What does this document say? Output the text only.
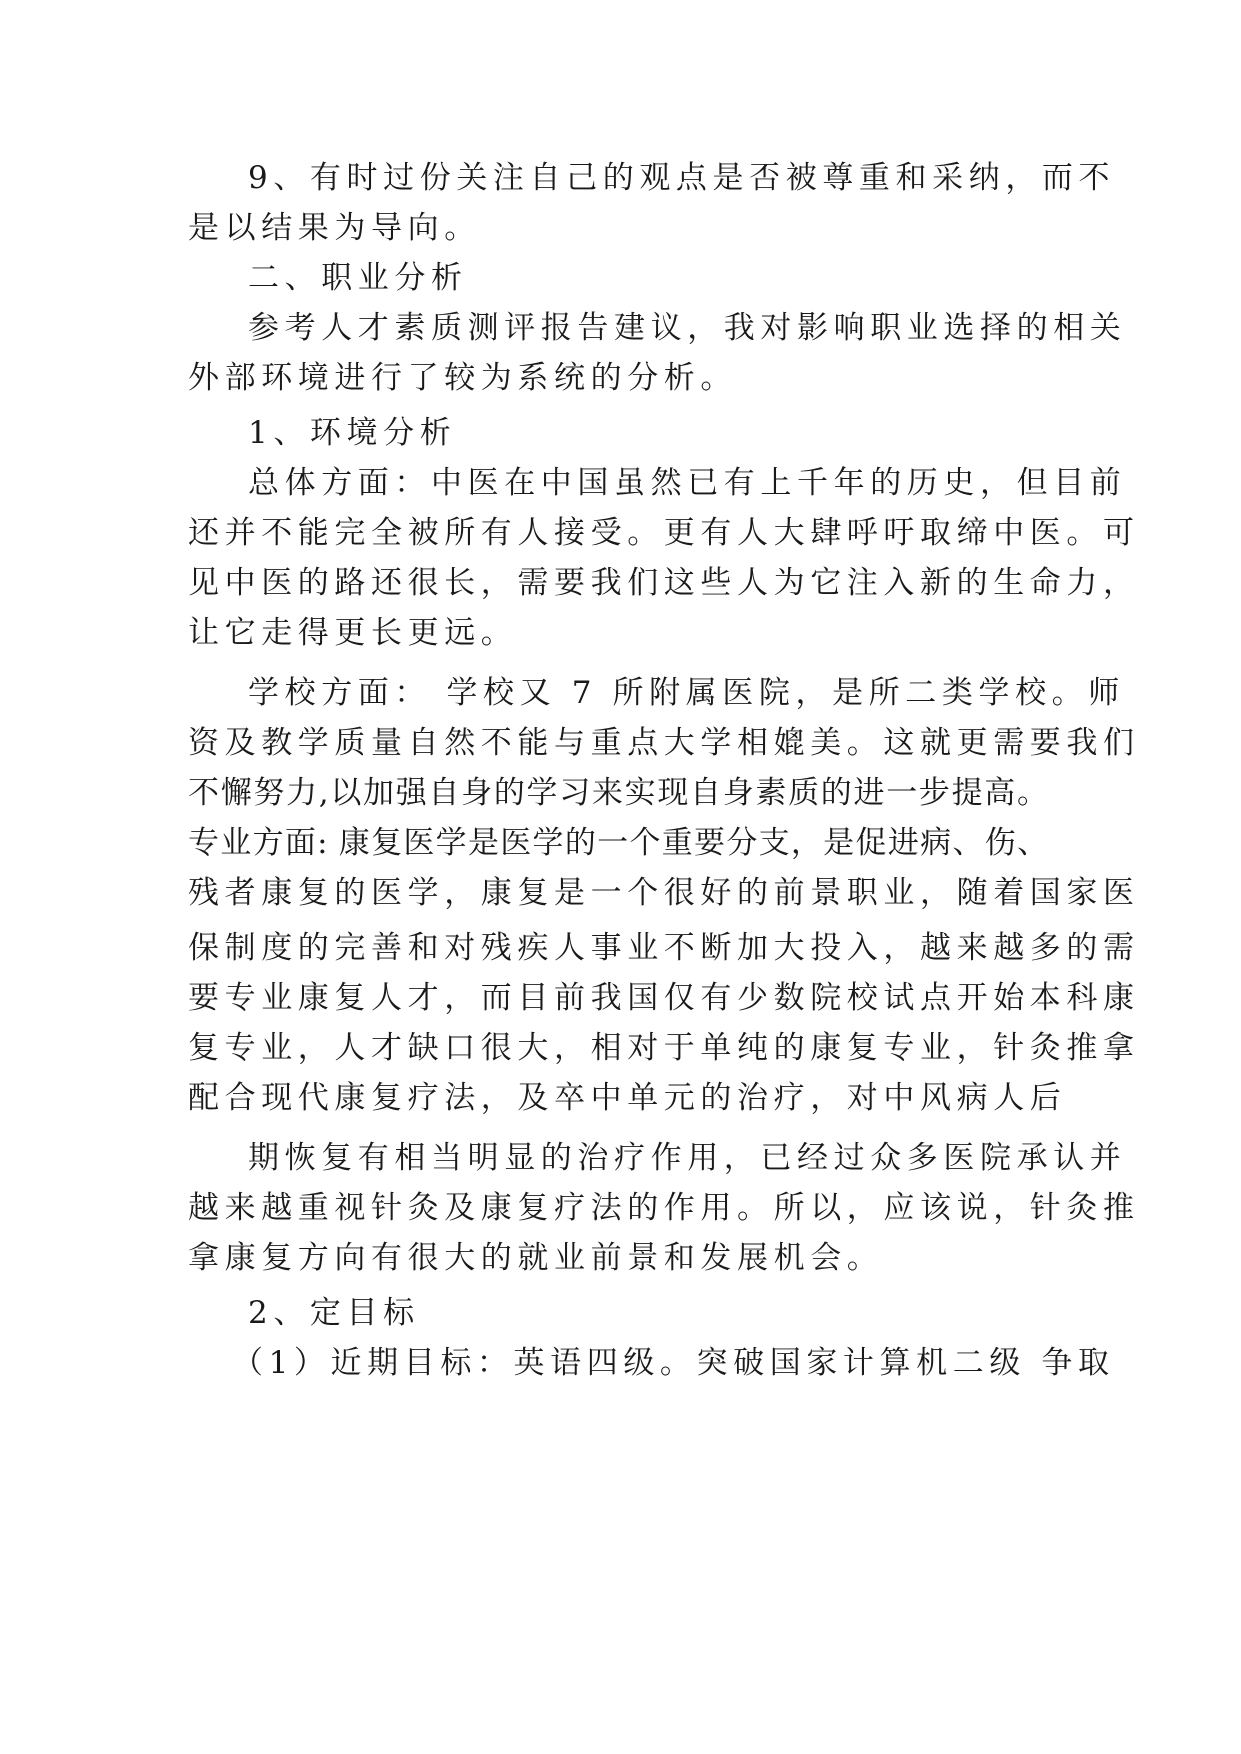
9、有时过份关注自己的观点是否被尊重和采纳，而不
是以结果为导向。
二、职业分析
参考人才素质测评报告建议，我对影响职业选择的相关
外部环境进行了较为系统的分析。
1、环境分析
总体方面：中医在中国虽然已有上千年的历史，但目前
还并不能完全被所有人接受。更有人大肆呼吁取缔中医。可
见中医的路还很长，需要我们这些人为它注入新的生命力，
让它走得更长更远。
学校方面： 学校又 7 所附属医院，是所二类学校。师
资及教学质量自然不能与重点大学相媲美。这就更需要我们
不懈努力,以加强自身的学习来实现自身素质的进一步提高。
专业方面: 康复医学是医学的一个重要分支，是促进病、伤、
残者康复的医学，康复是一个很好的前景职业，随着国家医
保制度的完善和对残疾人事业不断加大投入，越来越多的需
要专业康复人才，而目前我国仅有少数院校试点开始本科康
复专业，人才缺口很大，相对于单纯的康复专业，针灸推拿
配合现代康复疗法，及卒中单元的治疗，对中风病人后
期恢复有相当明显的治疗作用，已经过众多医院承认并
越来越重视针灸及康复疗法的作用。所以，应该说，针灸推
拿康复方向有很大的就业前景和发展机会。
2、定目标
（1）近期目标：英语四级。突破国家计算机二级 争取
